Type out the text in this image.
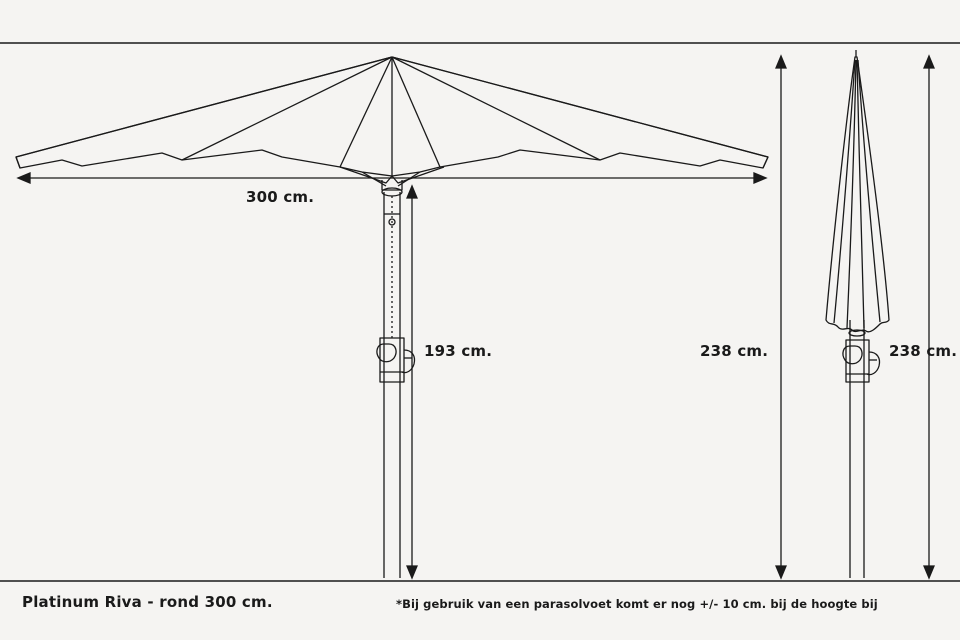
300 cm.
193 cm.	238 cm.	238 cm.
Platinum Riva - rond 300 cm.	*Bij gebruik van een parasolvoet komt er nog +/- 10 cm. bij de hoogte bij
